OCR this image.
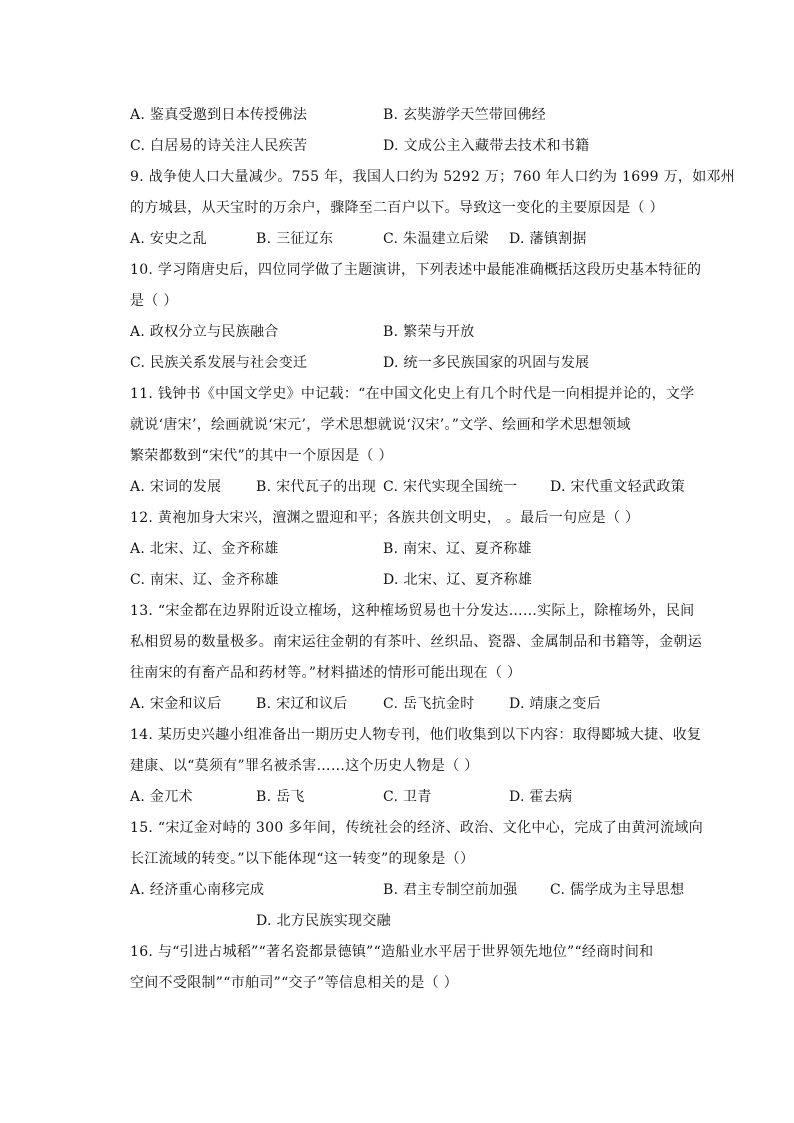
A. 鉴真受邀到日本传授佛法	B. 玄奘游学天竺带回佛经
C. 白居易的诗关注人民疾苦	D. 文成公主入藏带去技术和书籍
9. 战争使人口大量减少。755 年，我国人口约为 5292 万；760 年人口约为 1699 万，如邓州
的方城县，从天宝时的万余户，骤降至二百户以下。导致这一变化的主要原因是（ ）
A. 安史之乱	B. 三征辽东	C. 朱温建立后梁 D. 藩镇割据
10. 学习隋唐史后，四位同学做了主题演讲，下列表述中最能准确概括这段历史基本特征的
是（ ）
A. 政权分立与民族融合	B. 繁荣与开放
C. 民族关系发展与社会变迁	D. 统一多民族国家的巩固与发展
11. 钱钟书《中国文学史》中记载：“在中国文化史上有几个时代是一向相提并论的，文学
就说‘唐宋’，绘画就说‘宋元’，学术思想就说‘汉宋’。”文学、绘画和学术思想领域
繁荣都数到“宋代”的其中一个原因是（ ）
A. 宋词的发展 B. 宋代瓦子的出现 C. 宋代实现全国统一 D. 宋代重文轻武政策
12. 黄袍加身大宋兴，澶渊之盟迎和平；各族共创文明史， 。最后一句应是（ ）
A. 北宋、辽、金齐称雄	B. 南宋、辽、夏齐称雄
C. 南宋、辽、金齐称雄	D. 北宋、辽、夏齐称雄
13. “宋金都在边界附近设立榷场，这种榷场贸易也十分发达……实际上，除榷场外，民间
私相贸易的数量极多。南宋运往金朝的有茶叶、丝织品、瓷器、金属制品和书籍等，金朝运
往南宋的有畜产品和药材等。”材料描述的情形可能出现在（ ）
A. 宋金和议后 B. 宋辽和议后	C. 岳飞抗金时 D. 靖康之变后
14. 某历史兴趣小组准备出一期历史人物专刊，他们收集到以下内容：取得郾城大捷、收复
建康、以“莫须有”罪名被杀害……这个历史人物是（ ）
A. 金兀术	B. 岳飞	C. 卫青	D. 霍去病
15. “宋辽金对峙的 300 多年间，传统社会的经济、政治、文化中心，完成了由黄河流域向
长江流域的转变。”以下能体现“这一转变”的现象是（）
A. 经济重心南移完成	B. 君主专制空前加强 C. 儒学成为主导思想
D. 北方民族实现交融
16. 与“引进占城稻”“著名瓷都景德镇”“造船业水平居于世界领先地位”“经商时间和
空间不受限制”“市舶司”“交子”等信息相关的是（ ）
